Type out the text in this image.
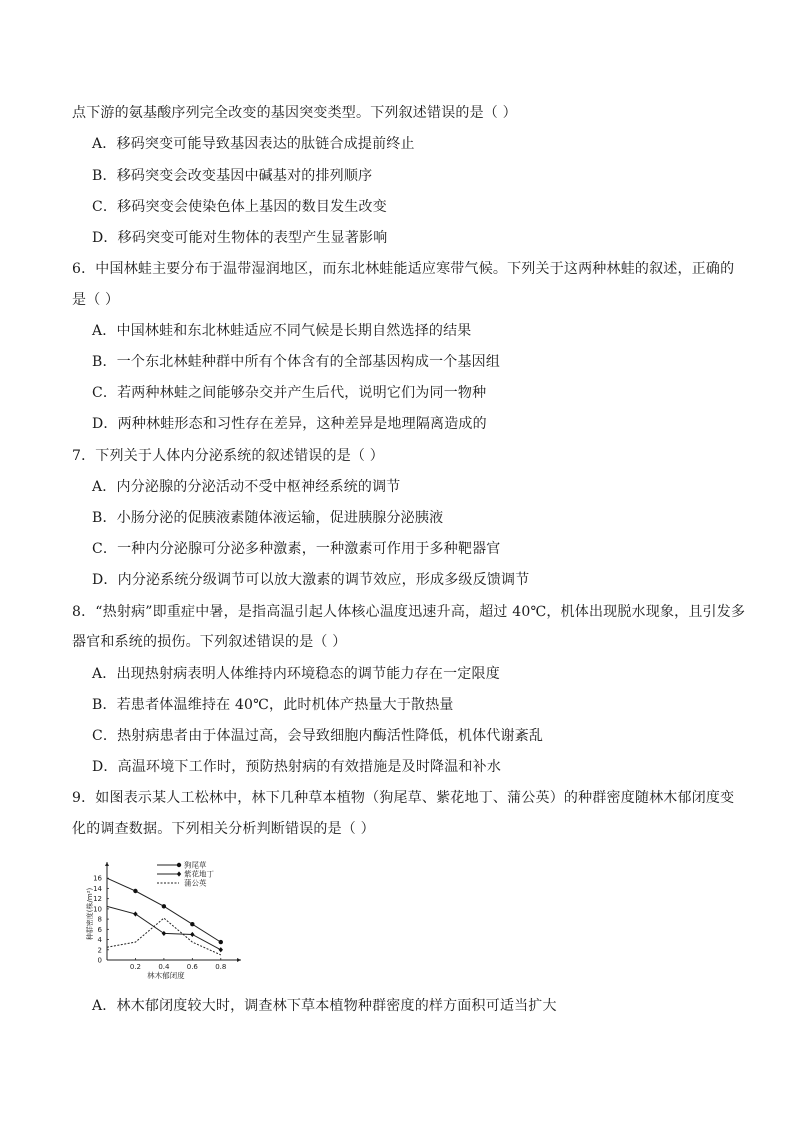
点下游的氨基酸序列完全改变的基因突变类型。下列叙述错误的是（ ）
A．移码突变可能导致基因表达的肽链合成提前终止
B．移码突变会改变基因中碱基对的排列顺序
C．移码突变会使染色体上基因的数目发生改变
D．移码突变可能对生物体的表型产生显著影响
6．中国林蛙主要分布于温带湿润地区，而东北林蛙能适应寒带气候。下列关于这两种林蛙的叙述，正确的
是（ ）
A．中国林蛙和东北林蛙适应不同气候是长期自然选择的结果
B．一个东北林蛙种群中所有个体含有的全部基因构成一个基因组
C．若两种林蛙之间能够杂交并产生后代，说明它们为同一物种
D．两种林蛙形态和习性存在差异，这种差异是地理隔离造成的
7．下列关于人体内分泌系统的叙述错误的是（ ）
A．内分泌腺的分泌活动不受中枢神经系统的调节
B．小肠分泌的促胰液素随体液运输，促进胰腺分泌胰液
C．一种内分泌腺可分泌多种激素，一种激素可作用于多种靶器官
D．内分泌系统分级调节可以放大激素的调节效应，形成多级反馈调节
8．“热射病”即重症中暑，是指高温引起人体核心温度迅速升高，超过 40℃，机体出现脱水现象，且引发多
器官和系统的损伤。下列叙述错误的是（ ）
A．出现热射病表明人体维持内环境稳态的调节能力存在一定限度
B．若患者体温维持在 40℃，此时机体产热量大于散热量
C．热射病患者由于体温过高，会导致细胞内酶活性降低，机体代谢紊乱
D．高温环境下工作时，预防热射病的有效措施是及时降温和补水
9．如图表示某人工松林中，林下几种草本植物（狗尾草、紫花地丁、蒲公英）的种群密度随林木郁闭度变
化的调查数据。下列相关分析判断错误的是（ ）
0
2
4
6
8
10
12
14
16
0.2 0.4 0.6 0.8
林木郁闭度
种群密度(株/m²)
狗尾草
紫花地丁
蒲公英
A．林木郁闭度较大时，调查林下草本植物种群密度的样方面积可适当扩大
